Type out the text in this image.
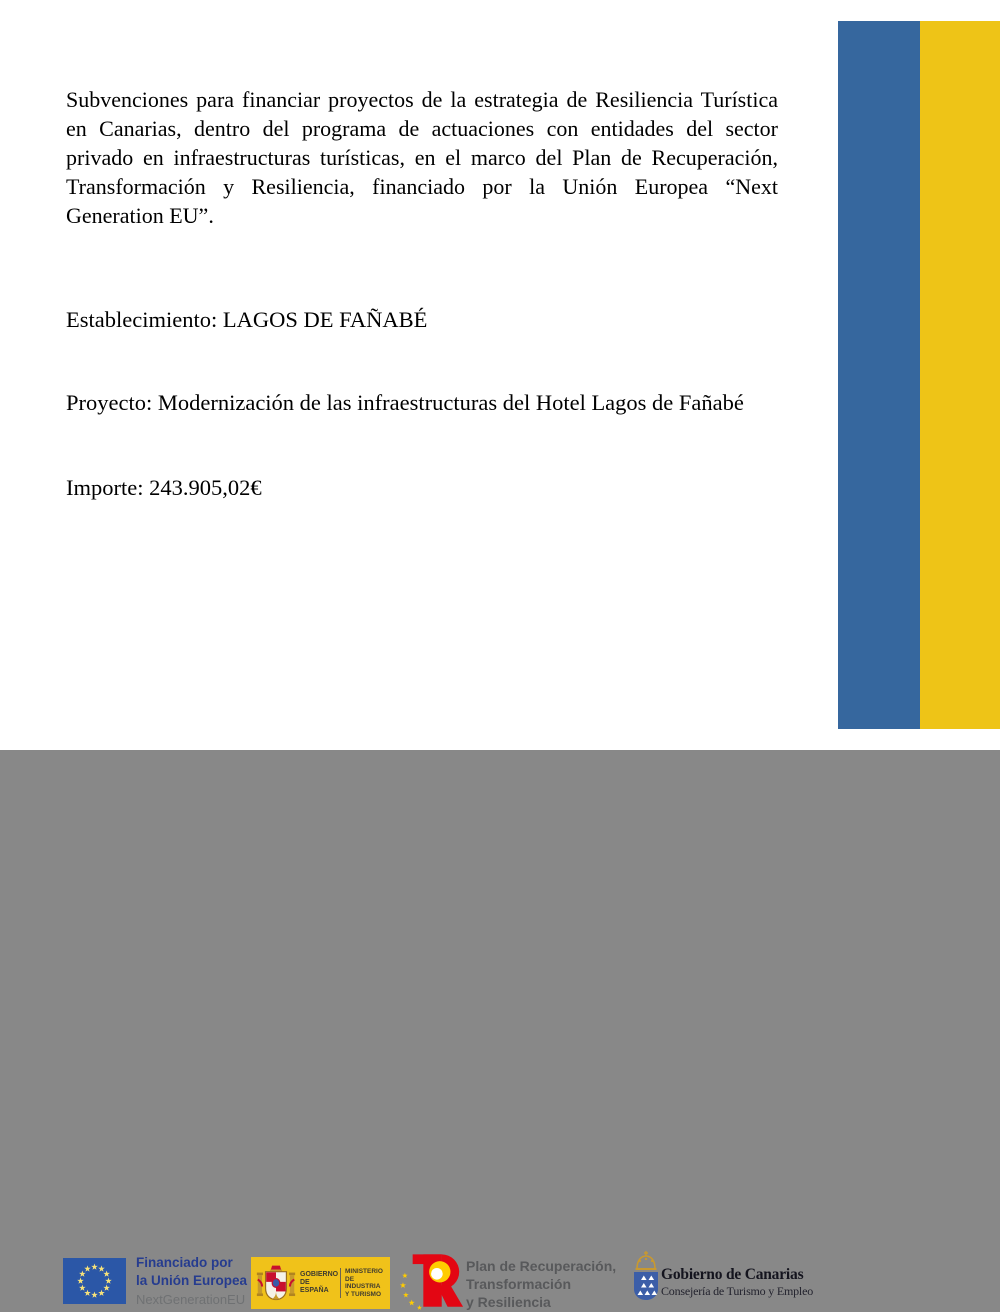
Subvenciones para financiar proyectos de la estrategia de Resiliencia Turística en Canarias, dentro del programa de actuaciones con entidades del sector privado en infraestructuras turísticas, en el marco del Plan de Recuperación, Transformación y Resiliencia, financiado por la Unión Europea “Next Generation EU”.

Establecimiento: LAGOS DE FAÑABÉ

Proyecto: Modernización de las infraestructuras del Hotel Lagos de Fañabé

Importe: 243.905,02€

Financiado por
la Unión Europea
NextGenerationEU
GOBIERNO
DE ESPAÑA
MINISTERIO
DE INDUSTRIA
Y TURISMO
Plan de Recuperación,
Transformación
y Resiliencia
Gobierno de Canarias
Consejería de Turismo y Empleo
